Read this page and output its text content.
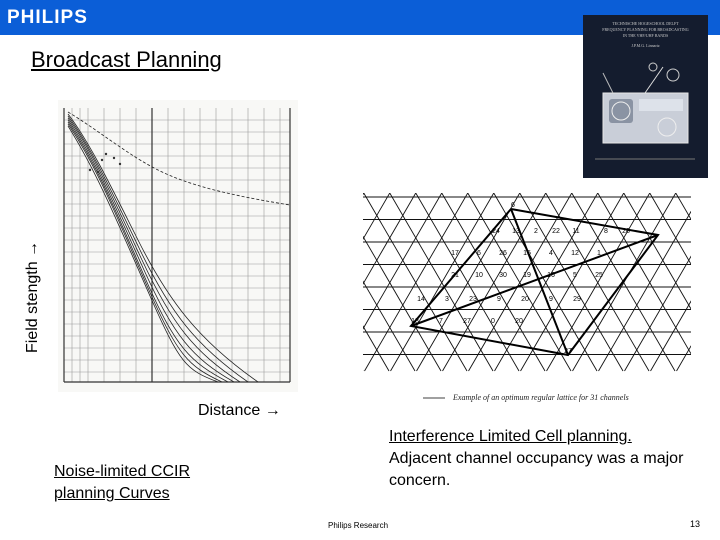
PHILIPS
Broadcast Planning
TECHNISCHE HOGESCHOOL DELFT
FREQUENCY PLANNING FOR BROADCASTING
IN THE VHF/UHF BANDS
J.P.M.G. Linnartz
6
24 13 2 22 11	8 28
17	6	26 15	4	12	1
21 10 30 19 16	5	25
14	3	23	9	20	9	29
18	7	27	0	20
27
Field stength →
Distance →
Example of an optimum regular lattice for 31 channels
Noise-limited CCIR planning Curves
Interference Limited Cell planning.
Adjacent channel occupancy was a major concern.
Philips Research	13
